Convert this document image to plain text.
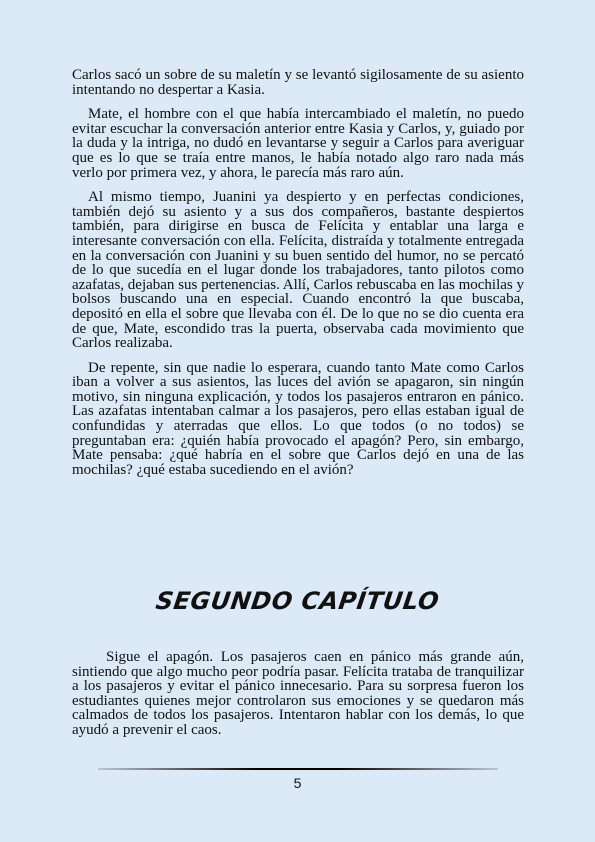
Carlos sacó un sobre de su maletín y se levantó sigilosamente de su asiento intentando no despertar a Kasia.

Mate, el hombre con el que había intercambiado el maletín, no puedo evitar escuchar la conversación anterior entre Kasia y Carlos, y, guiado por la duda y la intriga, no dudó en levantarse y seguir a Carlos para averiguar que es lo que se traía entre manos, le había notado algo raro nada más verlo por primera vez, y ahora, le parecía más raro aún.

Al mismo tiempo, Juanini ya despierto y en perfectas condiciones, también dejó su asiento y a sus dos compañeros, bastante despiertos también, para dirigirse en busca de Felícita y entablar una larga e interesante conversación con ella. Felícita, distraída y totalmente entregada en la conversación con Juanini y su buen sentido del humor, no se percató de lo que sucedía en el lugar donde los trabajadores, tanto pilotos como azafatas, dejaban sus pertenencias. Allí, Carlos rebuscaba en las mochilas y bolsos buscando una en especial. Cuando encontró la que buscaba, depositó en ella el sobre que llevaba con él. De lo que no se dio cuenta era de que, Mate, escondido tras la puerta, observaba cada movimiento que Carlos realizaba.

De repente, sin que nadie lo esperara, cuando tanto Mate como Carlos iban a volver a sus asientos, las luces del avión se apagaron, sin ningún motivo, sin ninguna explicación, y todos los pasajeros entraron en pánico. Las azafatas intentaban calmar a los pasajeros, pero ellas estaban igual de confundidas y aterradas que ellos. Lo que todos (o no todos) se preguntaban era: ¿quién había provocado el apagón? Pero, sin embargo, Mate pensaba: ¿qué habría en el sobre que Carlos dejó en una de las mochilas? ¿qué estaba sucediendo en el avión?

SEGUNDO CAPÍTULO

Sigue el apagón. Los pasajeros caen en pánico más grande aún, sintiendo que algo mucho peor podría pasar. Felícita trataba de tranquilizar a los pasajeros y evitar el pánico innecesario. Para su sorpresa fueron los estudiantes quienes mejor controlaron sus emociones y se quedaron más calmados de todos los pasajeros. Intentaron hablar con los demás, lo que ayudó a prevenir el caos.

5
